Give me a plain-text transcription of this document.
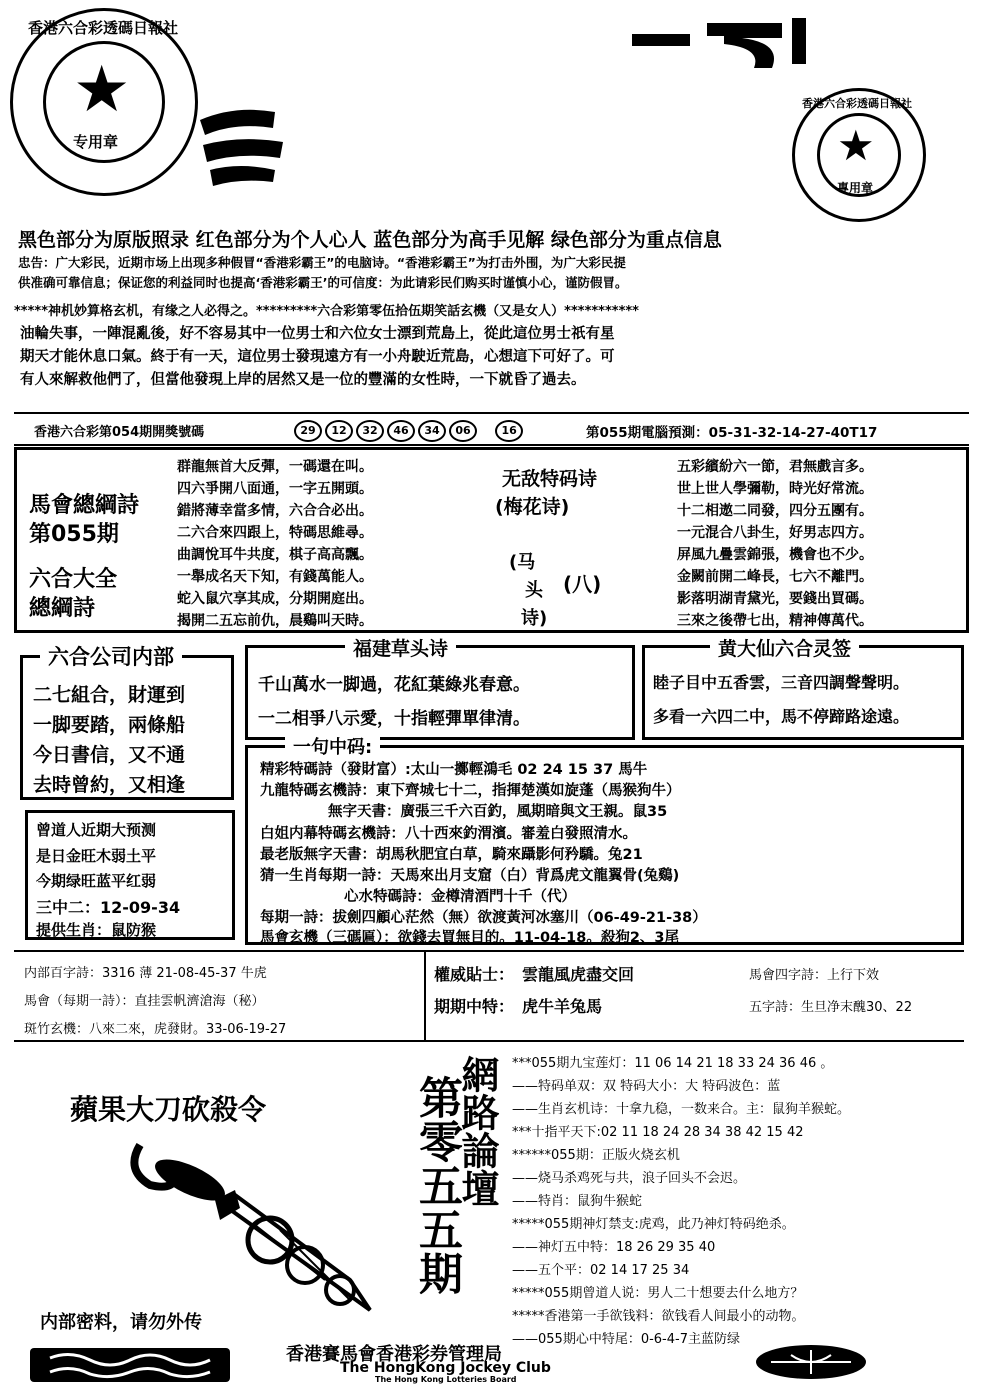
★
香港六合彩透碼日報社
专用章	★
香港六合彩透碼日報社
專用章
黑色部分为原版照录 红色部分为个人心人 蓝色部分为高手见解 绿色部分为重点信息
忠告：广大彩民，近期市场上出现多种假冒“香港彩霸王”的电脑诗。“香港彩霸王”为打击外围，为广大彩民提
供准确可靠信息；保证您的利益同时也提高‘香港彩霸王’的可信度：为此请彩民们购买时谨慎小心，谨防假冒。
*****神机妙算格玄机，有缘之人必得之。*********六合彩第零伍拾伍期笑話玄機（又是女人）***********
油輪失事，一陣混亂後，好不容易其中一位男士和六位女士漂到荒島上，從此這位男士祇有星
期天才能休息口氣。終于有一天，這位男士發現遠方有一小舟駛近荒島，心想這下可好了。可
有人來解救他們了，但當他發現上岸的居然又是一位的豐滿的女性時，一下就昏了過去。
香港六合彩第054期開獎號碼	29 12 32 46 34 06	16	第055期電腦預測：05-31-32-14-27-40T17
馬會總綱詩
第055期
六合大全
總綱詩
群龍無首大反彈，一碼還在叫。
四六爭開八面通，一字五開頭。
錯將薄幸當多情，六合合必出。
二六合來四跟上，特碼思維尋。
曲調悅耳牛共度，棋子高高飄。
一舉成名天下知，有錢萬能人。
蛇入鼠穴享其成，分期開庭出。
揭開二五忘前仇，晨鷄叫天時。
无敌特码诗
(梅花诗)
(马
头
诗)
(八)
五彩繽紛六一節，君無戲言多。
世上世人學彌勒，時光好常流。
十二相遨二同發，四分五團有。
一元混合八卦生，好男志四方。
屏風九疊雲錦張，機會也不少。
金闕前開二峰長，七六不離門。
影落明湖青黛光，要錢出買碼。
三來之後帶七出，精神傳萬代。
二七組合，財運到
一脚要踏，兩條船
今日書信，又不通
去時曾約，又相逢
六合公司内部
千山萬水一脚過，花紅葉綠兆春意。
一二相爭八示愛，十指輕彈單律清。
福建草头诗
睦子目中五香雲，三音四調聲聲明。
多看一六四二中，馬不停蹄路途遠。
黄大仙六合灵签
曾道人近期大预测
是日金旺木弱土平
今期绿旺蓝平红弱
三中二：12-09-34
提供生肖：鼠防猴
精彩特碼詩（發財富）:太山一擲輕鴻毛 02 24 15 37 馬牛
九龍特碼玄機詩：東下齊城七十二，指揮楚漢如旋蓬（馬猴狗牛）
無字天書：廣張三千六百釣，風期暗與文王親。鼠35
白姐内幕特碼玄機詩：八十西來釣渭濱。審羞白發照清水。
最老版無字天書：胡馬秋肥宜白草，騎來躡影何矜驕。兔21
猜一生肖每期一詩：天馬來出月支窟（白）背爲虎文龍翼骨(兔鷄)
心水特碼詩：金樽清酒門十千（代）
每期一詩：拔劍四顧心茫然（無）欲渡黃河冰塞川（06-49-21-38）
馬會玄機（三碼匾）：欲錢去買無目的。11-04-18。殺狗2、3尾
一句中码:
内部百字詩：3316 薄 21-08-45-37 牛虎
馬會（每期一詩）：直挂雲帆濟滄海（秘）
斑竹玄機：八來二來，虎發財。33-06-19-27
權威貼士： 雲龍風虎盡交回	馬會四字詩：上行下效
期期中特： 虎牛羊兔馬	五字詩：生旦净末醜30、22
蘋果大刀砍殺令
内部密料，请勿外传
網路論壇
第零五五期
***055期九宝莲灯：11 06 14 21 18 33 24 36 46 。
——特码单双：双 特码大小：大 特码波色：蓝
——生肖玄机诗：十拿九稳，一数来合。主：鼠狗羊猴蛇。
***十指平天下:02 11 18 24 28 34 38 42 15 42
******055期：正版火烧玄机
——烧马杀鸡死与共，浪子回头不会迟。
——特肖：鼠狗牛猴蛇
*****055期神灯禁支:虎鸡，此乃神灯特码绝杀。
——神灯五中特：18 26 29 35 40
——五个平：02 14 17 25 34
*****055期曾道人说：男人二十想要去什么地方？
*****香港第一手欲钱料：欲钱看人间最小的动物。
——055期心中特尾：0-6-4-7主蓝防绿
香港賽馬會香港彩券管理局
The HongKong Jockey Club
The Hong Kong Lotteries Board
